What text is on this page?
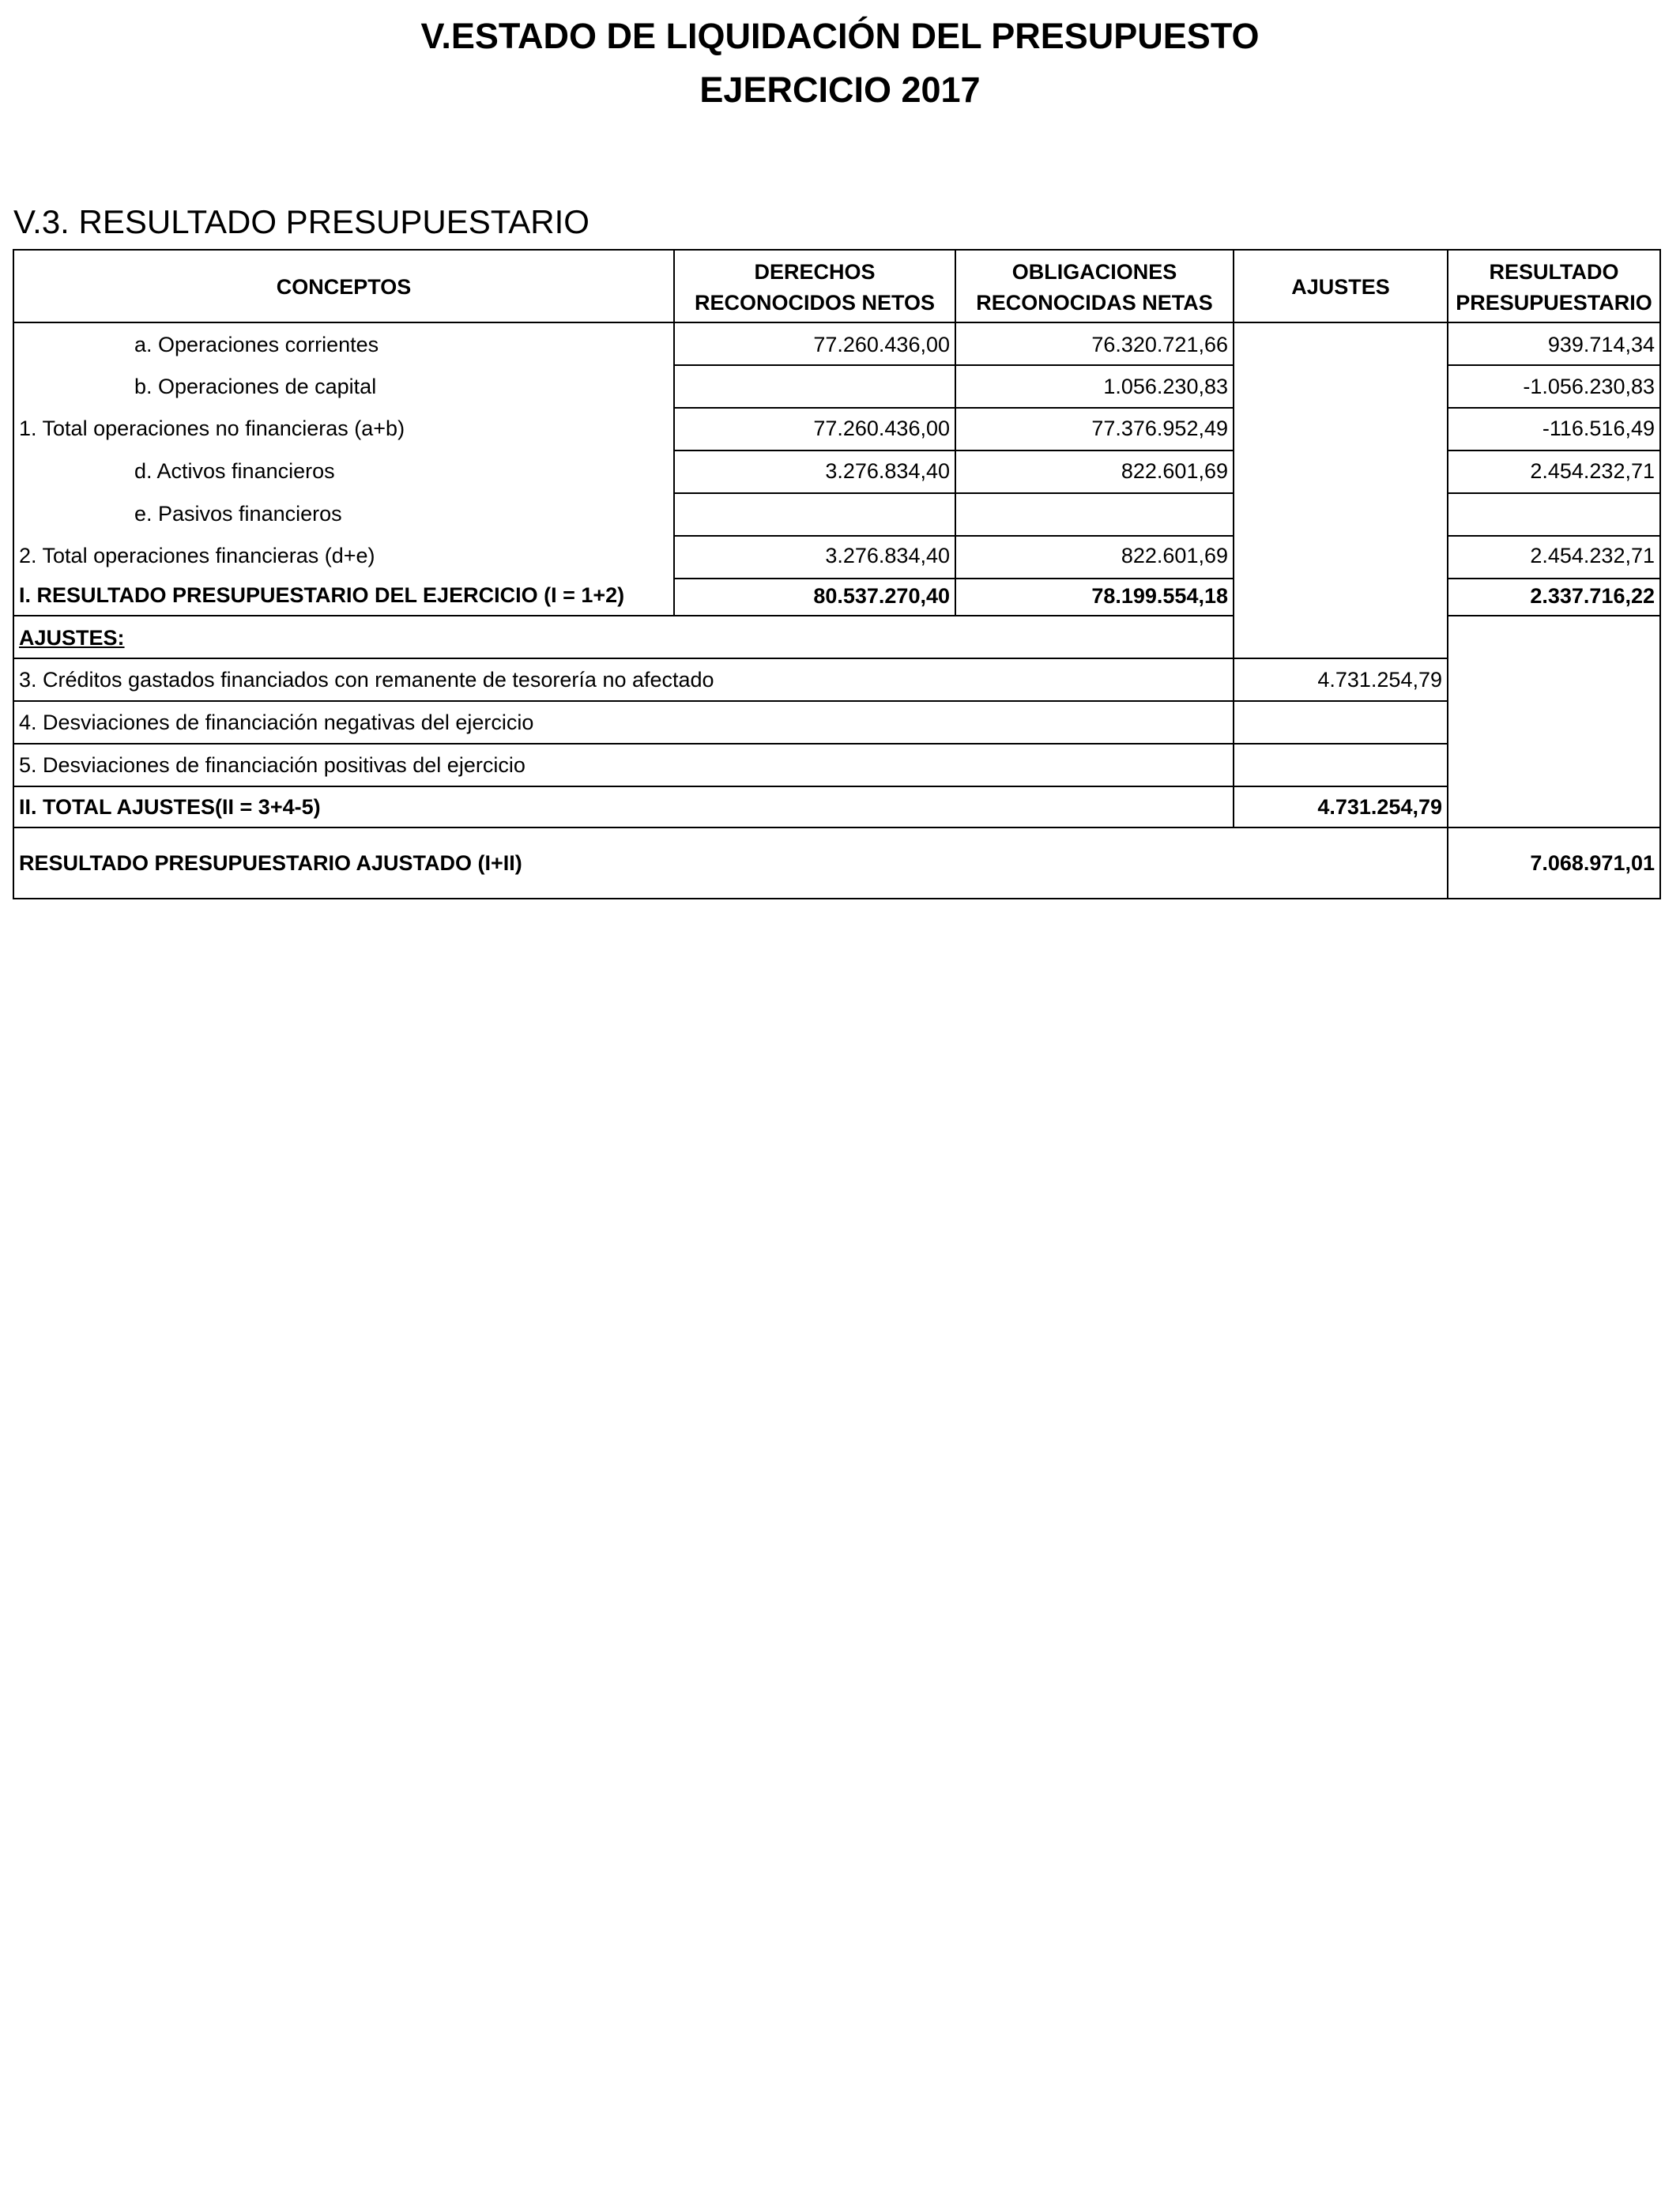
V.ESTADO DE LIQUIDACIÓN DEL PRESUPUESTO
EJERCICIO 2017
V.3. RESULTADO PRESUPUESTARIO
CONCEPTOS
DERECHOS
RECONOCIDOS NETOS
OBLIGACIONES
RECONOCIDAS NETAS
AJUSTES
RESULTADO
PRESUPUESTARIO
a. Operaciones corrientes
b. Operaciones de capital
1. Total operaciones no financieras (a+b)
d. Activos financieros
e. Pasivos financieros
2. Total operaciones financieras (d+e)
I. RESULTADO PRESUPUESTARIO DEL EJERCICIO (I = 1+2)
77.260.436,00
77.260.436,00
3.276.834,40
3.276.834,40
80.537.270,40
76.320.721,66
1.056.230,83
77.376.952,49
822.601,69
822.601,69
78.199.554,18
939.714,34
-1.056.230,83
-116.516,49
2.454.232,71
2.454.232,71
2.337.716,22
AJUSTES:
3. Créditos gastados financiados con remanente de tesorería no afectado
4. Desviaciones de financiación negativas del ejercicio
5. Desviaciones de financiación positivas del ejercicio
II. TOTAL AJUSTES(II = 3+4-5)
4.731.254,79
4.731.254,79
RESULTADO PRESUPUESTARIO AJUSTADO (I+II)	7.068.971,01
